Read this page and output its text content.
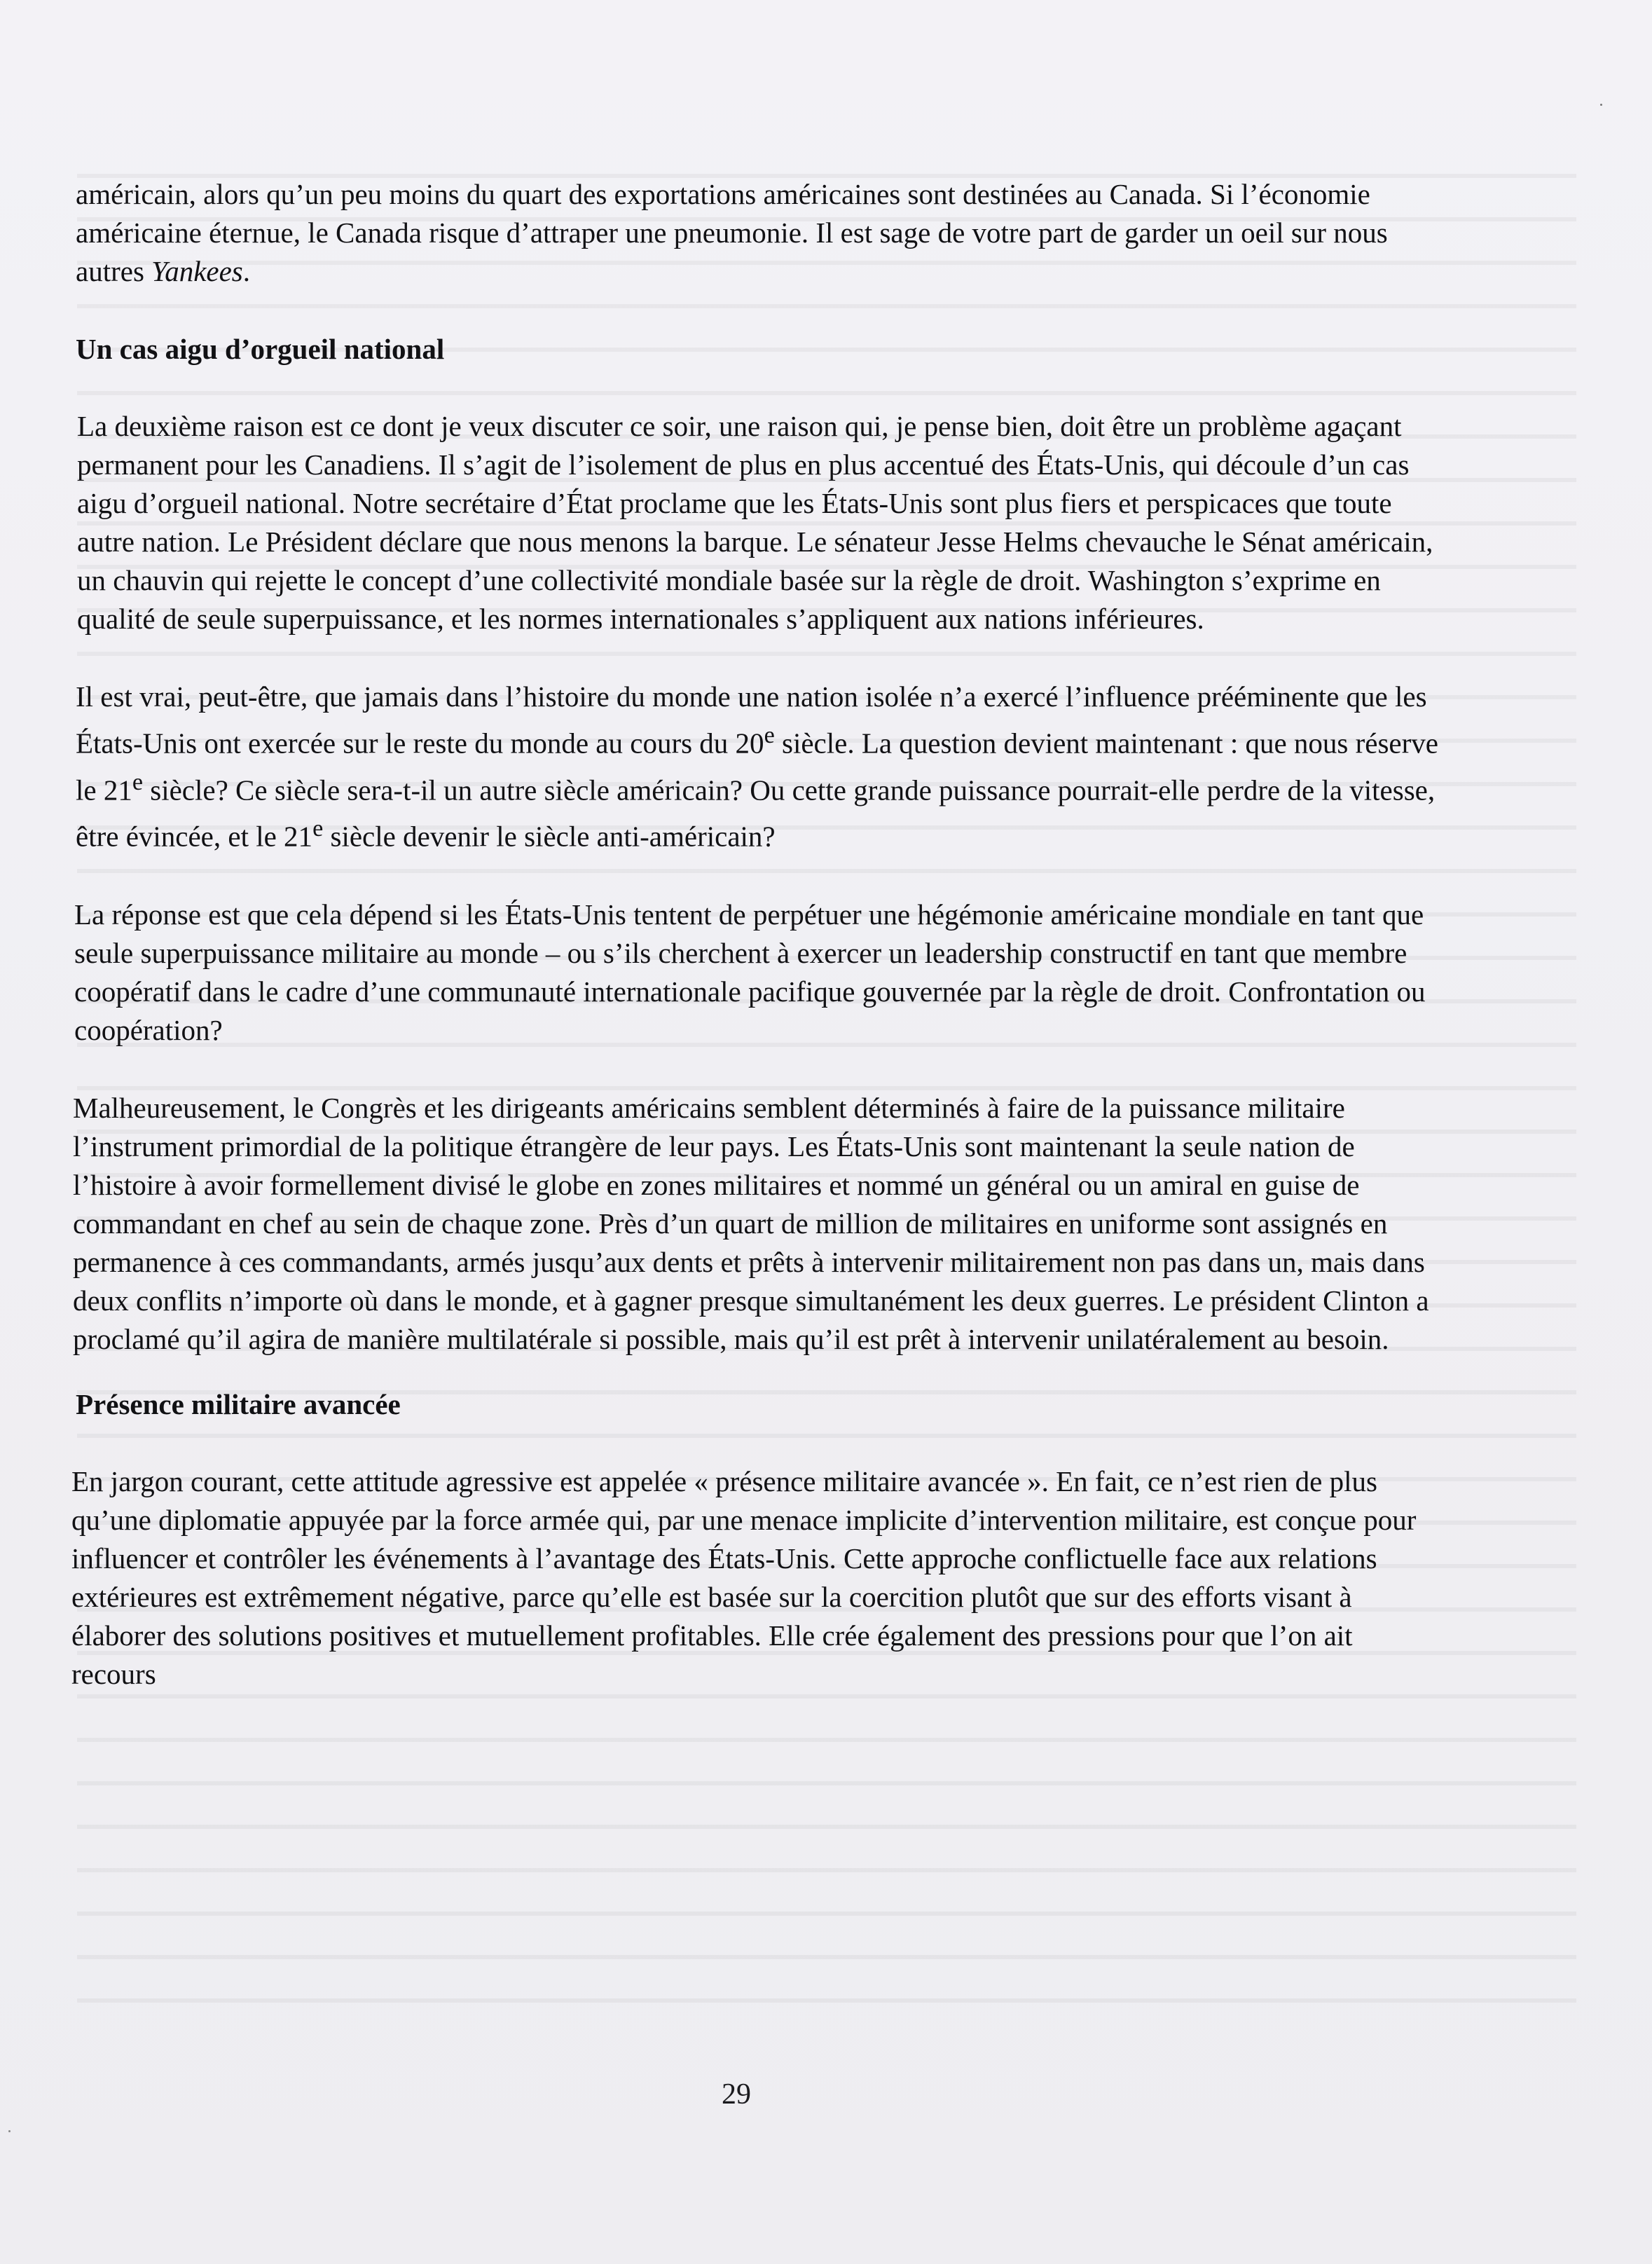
américain, alors qu’un peu moins du quart des exportations américaines sont destinées au Canada. Si l’économie américaine éternue, le Canada risque d’attraper une pneumonie. Il est sage de votre part de garder un oeil sur nous autres Yankees.

Un cas aigu d’orgueil national

La deuxième raison est ce dont je veux discuter ce soir, une raison qui, je pense bien, doit être un problème agaçant permanent pour les Canadiens. Il s’agit de l’isolement de plus en plus accentué des États-Unis, qui découle d’un cas aigu d’orgueil national. Notre secrétaire d’État proclame que les États-Unis sont plus fiers et perspicaces que toute autre nation. Le Président déclare que nous menons la barque. Le sénateur Jesse Helms chevauche le Sénat américain, un chauvin qui rejette le concept d’une collectivité mondiale basée sur la règle de droit. Washington s’exprime en qualité de seule superpuissance, et les normes internationales s’appliquent aux nations inférieures.

Il est vrai, peut-être, que jamais dans l’histoire du monde une nation isolée n’a exercé l’influence prééminente que les États-Unis ont exercée sur le reste du monde au cours du 20e siècle. La question devient maintenant : que nous réserve le 21e siècle? Ce siècle sera-t-il un autre siècle américain? Ou cette grande puissance pourrait-elle perdre de la vitesse, être évincée, et le 21e siècle devenir le siècle anti-américain?

La réponse est que cela dépend si les États-Unis tentent de perpétuer une hégémonie américaine mondiale en tant que seule superpuissance militaire au monde – ou s’ils cherchent à exercer un leadership constructif en tant que membre coopératif dans le cadre d’une communauté internationale pacifique gouvernée par la règle de droit. Confrontation ou coopération?

Malheureusement, le Congrès et les dirigeants américains semblent déterminés à faire de la puissance militaire l’instrument primordial de la politique étrangère de leur pays. Les États-Unis sont maintenant la seule nation de l’histoire à avoir formellement divisé le globe en zones militaires et nommé un général ou un amiral en guise de commandant en chef au sein de chaque zone. Près d’un quart de million de militaires en uniforme sont assignés en permanence à ces commandants, armés jusqu’aux dents et prêts à intervenir militairement non pas dans un, mais dans deux conflits n’importe où dans le monde, et à gagner presque simultanément les deux guerres. Le président Clinton a proclamé qu’il agira de manière multilatérale si possible, mais qu’il est prêt à intervenir unilatéralement au besoin.

Présence militaire avancée

En jargon courant, cette attitude agressive est appelée « présence militaire avancée ». En fait, ce n’est rien de plus qu’une diplomatie appuyée par la force armée qui, par une menace implicite d’intervention militaire, est conçue pour influencer et contrôler les événements à l’avantage des États-Unis. Cette approche conflictuelle face aux relations extérieures est extrêmement négative, parce qu’elle est basée sur la coercition plutôt que sur des efforts visant à élaborer des solutions positives et mutuellement profitables. Elle crée également des pressions pour que l’on ait recours

29
